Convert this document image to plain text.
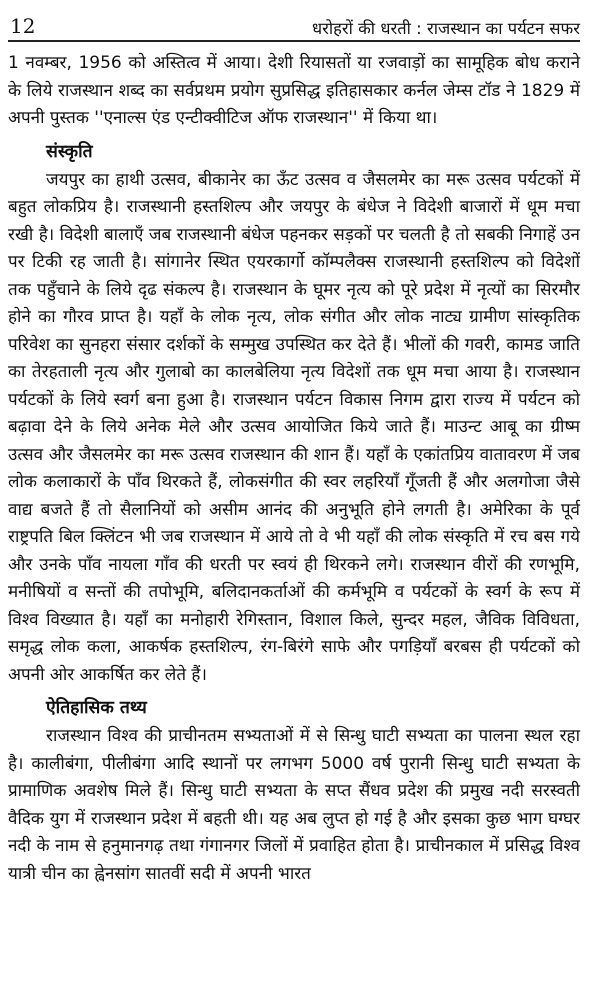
12	धरोहरों की धरती : राजस्थान का पर्यटन सफर

1 नवम्बर, 1956 को अस्तित्व में आया। देशी रियासतों या रजवाड़ों का सामूहिक बोध कराने के लिये राजस्थान शब्द का सर्वप्रथम प्रयोग सुप्रसिद्ध इतिहासकार कर्नल जेम्स टॉड ने 1829 में अपनी पुस्तक ''एनाल्स एंड एन्टीक्वीटिज ऑफ राजस्थान'' में किया था।

संस्कृति

जयपुर का हाथी उत्सव, बीकानेर का ऊँट उत्सव व जैसलमेर का मरू उत्सव पर्यटकों में बहुत लोकप्रिय है। राजस्थानी हस्तशिल्प और जयपुर के बंधेज ने विदेशी बाजारों में धूम मचा रखी है। विदेशी बालाएँ जब राजस्थानी बंधेज पहनकर सड़कों पर चलती है तो सबकी निगाहें उन पर टिकी रह जाती है। सांगानेर स्थित एयरकार्गो कॉम्पलैक्स राजस्थानी हस्तशिल्प को विदेशों तक पहुँचाने के लिये दृढ संकल्प है। राजस्थान के घूमर नृत्य को पूरे प्रदेश में नृत्यों का सिरमौर होने का गौरव प्राप्त है। यहाँ के लोक नृत्य, लोक संगीत और लोक नाट्य ग्रामीण सांस्कृतिक परिवेश का सुनहरा संसार दर्शकों के सम्मुख उपस्थित कर देते हैं। भीलों की गवरी, कामड जाति का तेरहताली नृत्य और गुलाबो का कालबेलिया नृत्य विदेशों तक धूम मचा आया है। राजस्थान पर्यटकों के लिये स्वर्ग बना हुआ है। राजस्थान पर्यटन विकास निगम द्वारा राज्य में पर्यटन को बढ़ावा देने के लिये अनेक मेले और उत्सव आयोजित किये जाते हैं। माउन्ट आबू का ग्रीष्म उत्सव और जैसलमेर का मरू उत्सव राजस्थान की शान हैं। यहाँ के एकांतप्रिय वातावरण में जब लोक कलाकारों के पाँव थिरकते हैं, लोकसंगीत की स्वर लहरियाँ गूँजती हैं और अलगोजा जैसे वाद्य बजते हैं तो सैलानियों को असीम आनंद की अनुभूति होने लगती है। अमेरिका के पूर्व राष्ट्रपति बिल क्लिंटन भी जब राजस्थान में आये तो वे भी यहाँ की लोक संस्कृति में रच बस गये और उनके पाँव नायला गाँव की धरती पर स्वयं ही थिरकने लगे। राजस्थान वीरों की रणभूमि, मनीषियों व सन्तों की तपोभूमि, बलिदानकर्ताओं की कर्मभूमि व पर्यटकों के स्वर्ग के रूप में विश्व विख्यात है। यहाँ का मनोहारी रेगिस्तान, विशाल किले, सुन्दर महल, जैविक विविधता, समृद्ध लोक कला, आकर्षक हस्तशिल्प, रंग-बिरंगे साफे और पगड़ियाँ बरबस ही पर्यटकों को अपनी ओर आकर्षित कर लेते हैं।

ऐतिहासिक तथ्य

राजस्थान विश्व की प्राचीनतम सभ्यताओं में से सिन्धु घाटी सभ्यता का पालना स्थल रहा है। कालीबंगा, पीलीबंगा आदि स्थानों पर लगभग 5000 वर्ष पुरानी सिन्धु घाटी सभ्यता के प्रामाणिक अवशेष मिले हैं। सिन्धु घाटी सभ्यता के सप्त सैंधव प्रदेश की प्रमुख नदी सरस्वती वैदिक युग में राजस्थान प्रदेश में बहती थी। यह अब लुप्त हो गई है और इसका कुछ भाग घग्घर नदी के नाम से हनुमानगढ़ तथा गंगानगर जिलों में प्रवाहित होता है। प्राचीनकाल में प्रसिद्ध विश्व यात्री चीन का ह्वेनसांग सातवीं सदी में अपनी भारत
